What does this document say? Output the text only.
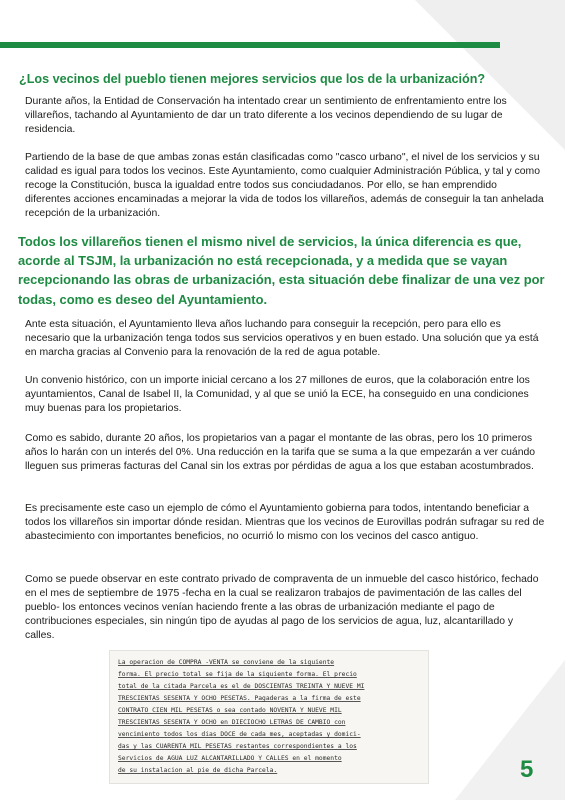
¿Los vecinos del pueblo tienen mejores servicios que los de la urbanización?

Durante años, la Entidad de Conservación ha intentado crear un sentimiento de enfrentamiento entre los villareños, tachando al Ayuntamiento de dar un trato diferente a los vecinos dependiendo de su lugar de residencia.

Partiendo de la base de que ambas zonas están clasificadas como "casco urbano", el nivel de los servicios y su calidad es igual para todos los vecinos. Este Ayuntamiento, como cualquier Administración Pública, y tal y como recoge la Constitución, busca la igualdad entre todos sus conciudadanos. Por ello, se han emprendido diferentes acciones encaminadas a mejorar la vida de todos los villareños, además de conseguir la tan anhelada recepción de la urbanización.

Todos los villareños tienen el mismo nivel de servicios, la única diferencia es que, acorde al TSJM, la urbanización no está recepcionada, y a medida que se vayan recepcionando las obras de urbanización, esta situación debe finalizar de una vez por todas, como es deseo del Ayuntamiento.

Ante esta situación, el Ayuntamiento lleva años luchando para conseguir la recepción, pero para ello es necesario que la urbanización tenga todos sus servicios operativos y en buen estado. Una solución que ya está en marcha gracias al Convenio para la renovación de la red de agua potable.

Un convenio histórico, con un importe inicial cercano a los 27 millones de euros, que la colaboración entre los ayuntamientos, Canal de Isabel II, la Comunidad, y al que se unió la ECE, ha conseguido en una condiciones muy buenas para los propietarios.

Como es sabido, durante 20 años, los propietarios van a pagar el montante de las obras, pero los 10 primeros años lo harán con un interés del 0%. Una reducción en la tarifa que se suma a la que empezarán a ver cuándo lleguen sus primeras facturas del Canal sin los extras por pérdidas de agua a los que estaban acostumbrados.

Es precisamente este caso un ejemplo de cómo el Ayuntamiento gobierna para todos, intentando beneficiar a todos los villareños sin importar dónde residan. Mientras que los vecinos de Eurovillas podrán sufragar su red de abastecimiento con importantes beneficios, no ocurrió lo mismo con los vecinos del casco antiguo.

Como se puede observar en este contrato privado de compraventa de un inmueble del casco histórico, fechado en el mes de septiembre de 1975 -fecha en la cual se realizaron trabajos de pavimentación de las calles del pueblo- los entonces vecinos venían haciendo frente a las obras de urbanización mediante el pago de contribuciones especiales, sin ningún tipo de ayudas al pago de los servicios de agua, luz, alcantarillado y calles.

La operacion de COMPRA -VENTA se conviene de la siguiente
forma. El precio total se fija de la siguiente forma. El precio
total de la citada Parcela es el de DOSCIENTAS TREINTA Y NUEVE MI
TRESCIENTAS SESENTA Y OCHO PESETAS. Pagaderas a la firma de este
CONTRATO CIEN MIL PESETAS o sea contado NOVENTA Y NUEVE MIL
TRESCIENTAS SESENTA Y OCHO en DIECIOCHO LETRAS DE CAMBIO con
vencimiento todos los dias DOCE de cada mes, aceptadas y domici-
das y las CUARENTA MIL PESETAS restantes correspondientes a los
Servicios de AGUA LUZ ALCANTARILLADO Y CALLES en el momento
de su instalacion al pie de dicha Parcela.	5
